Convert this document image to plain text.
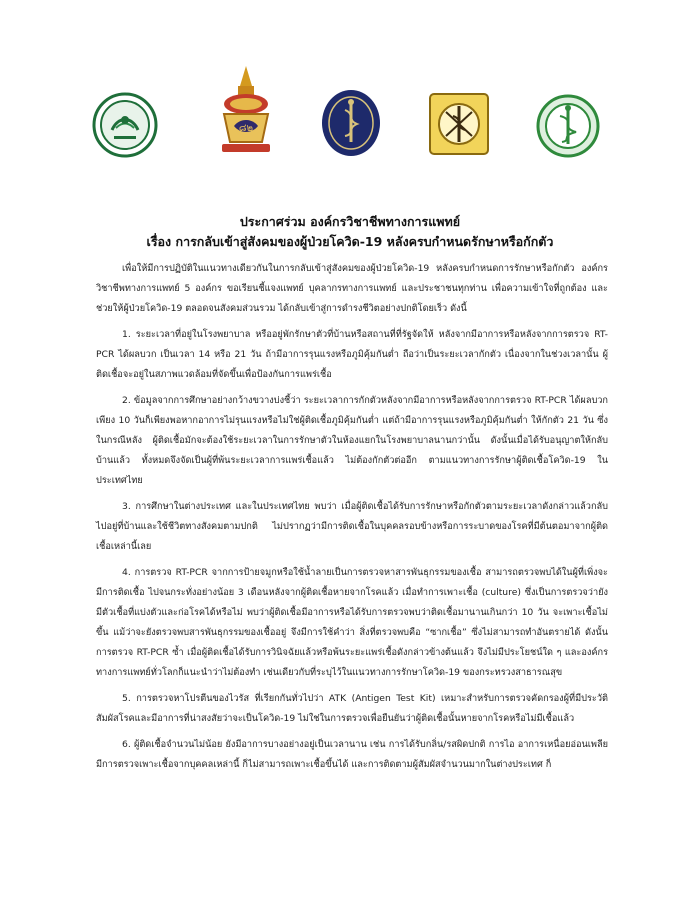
๘๒
ประกาศร่วม องค์กรวิชาชีพทางการแพทย์
เรื่อง การกลับเข้าสู่สังคมของผู้ป่วยโควิด-19 หลังครบกำหนดรักษาหรือกักตัว

เพื่อให้มีการปฏิบัติในแนวทางเดียวกันในการกลับเข้าสู่สังคมของผู้ป่วยโควิด-19 หลังครบกำหนดการรักษาหรือกักตัว องค์กรวิชาชีพทางการแพทย์ 5 องค์กร ขอเรียนชี้แจงแพทย์ บุคลากรทางการแพทย์ และประชาชนทุกท่าน เพื่อความเข้าใจที่ถูกต้อง และช่วยให้ผู้ป่วยโควิด-19 ตลอดจนสังคมส่วนรวม ได้กลับเข้าสู่การดำรงชีวิตอย่างปกติโดยเร็ว ดังนี้

1. ระยะเวลาที่อยู่ในโรงพยาบาล หรืออยู่พักรักษาตัวที่บ้านหรือสถานที่ที่รัฐจัดให้ หลังจากมีอาการหรือหลังจากการตรวจ RT-PCR ได้ผลบวก เป็นเวลา 14 หรือ 21 วัน ถ้ามีอาการรุนแรงหรือภูมิคุ้มกันต่ำ ถือว่าเป็นระยะเวลากักตัว เนื่องจากในช่วงเวลานั้น ผู้ติดเชื้อจะอยู่ในสภาพแวดล้อมที่จัดขึ้นเพื่อป้องกันการแพร่เชื้อ

2. ข้อมูลจากการศึกษาอย่างกว้างขวางบ่งชี้ว่า ระยะเวลาการกักตัวหลังจากมีอาการหรือหลังจากการตรวจ RT-PCR ได้ผลบวกเพียง 10 วันก็เพียงพอหากอาการไม่รุนแรงหรือไม่ใช่ผู้ติดเชื้อภูมิคุ้มกันต่ำ แต่ถ้ามีอาการรุนแรงหรือภูมิคุ้มกันต่ำ ให้กักตัว 21 วัน ซึ่งในกรณีหลัง ผู้ติดเชื้อมักจะต้องใช้ระยะเวลาในการรักษาตัวในห้องแยกในโรงพยาบาลนานกว่านั้น ดังนั้นเมื่อได้รับอนุญาตให้กลับบ้านแล้ว ทั้งหมดจึงจัดเป็นผู้ที่พ้นระยะเวลาการแพร่เชื้อแล้ว ไม่ต้องกักตัวต่ออีก ตามแนวทางการรักษาผู้ติดเชื้อโควิด-19 ในประเทศไทย

3. การศึกษาในต่างประเทศ และในประเทศไทย พบว่า เมื่อผู้ติดเชื้อได้รับการรักษาหรือกักตัวตามระยะเวลาดังกล่าวแล้วกลับไปอยู่ที่บ้านและใช้ชีวิตทางสังคมตามปกติ ไม่ปรากฏว่ามีการติดเชื้อในบุคคลรอบข้างหรือการระบาดของโรคที่มีต้นตอมาจากผู้ติดเชื้อเหล่านี้เลย

4. การตรวจ RT-PCR จากการป้ายจมูกหรือใช้น้ำลายเป็นการตรวจหาสารพันธุกรรมของเชื้อ สามารถตรวจพบได้ในผู้ที่เพิ่งจะมีการติดเชื้อ ไปจนกระทั่งอย่างน้อย 3 เดือนหลังจากผู้ติดเชื้อหายจากโรคแล้ว เมื่อทำการเพาะเชื้อ (culture) ซึ่งเป็นการตรวจว่ายังมีตัวเชื้อที่แบ่งตัวและก่อโรคได้หรือไม่ พบว่าผู้ติดเชื้อมีอาการหรือได้รับการตรวจพบว่าติดเชื้อมานานเกินกว่า 10 วัน จะเพาะเชื้อไม่ขึ้น แม้ว่าจะยังตรวจพบสารพันธุกรรมของเชื้ออยู่ จึงมีการใช้คำว่า สิ่งที่ตรวจพบคือ “ซากเชื้อ” ซึ่งไม่สามารถทำอันตรายได้ ดังนั้น การตรวจ RT-PCR ซ้ำ เมื่อผู้ติดเชื้อได้รับการวินิจฉัยแล้วหรือพ้นระยะแพร่เชื้อดังกล่าวข้างต้นแล้ว จึงไม่มีประโยชน์ใด ๆ และองค์กรทางการแพทย์ทั่วโลกก็แนะนำว่าไม่ต้องทำ เช่นเดียวกับที่ระบุไว้ในแนวทางการรักษาโควิด-19 ของกระทรวงสาธารณสุข

5. การตรวจหาโปรตีนของไวรัส ที่เรียกกันทั่วไปว่า ATK (Antigen Test Kit) เหมาะสำหรับการตรวจคัดกรองผู้ที่มีประวัติสัมผัสโรคและมีอาการที่น่าสงสัยว่าจะเป็นโควิด-19 ไม่ใช่ในการตรวจเพื่อยืนยันว่าผู้ติดเชื้อนั้นหายจากโรคหรือไม่มีเชื้อแล้ว

6. ผู้ติดเชื้อจำนวนไม่น้อย ยังมีอาการบางอย่างอยู่เป็นเวลานาน เช่น การได้รับกลิ่น/รสผิดปกติ การไอ อาการเหนื่อยอ่อนเพลีย มีการตรวจเพาะเชื้อจากบุคคลเหล่านี้ ก็ไม่สามารถเพาะเชื้อขึ้นได้ และการติดตามผู้สัมผัสจำนวนมากในต่างประเทศ ก็
